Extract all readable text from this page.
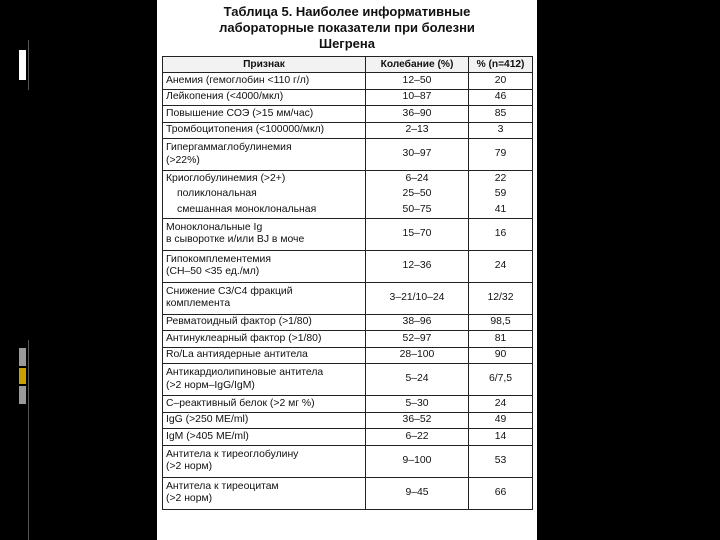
Таблица 5. Наиболее информативные
лабораторные показатели при болезни
Шегрена
Признак	Колебание (%)	% (n=412)

Анемия (гемоглобин <110 г/л)	12–50	20

Лейкопения (<4000/мкл)	10–87	46

Повышение СОЭ (>15 мм/час)	36–90	85

Тромбоцитопения (<100000/мкл)	2–13	3

Гипергаммаглобулинемия
(>22%)	30–97	79

Криоглобулинемия (>2+)	6–24	22

поликлональная	25–50	59

смешанная моноклональная	50–75	41

Моноклональные Ig
в сыворотке и/или BJ в моче	15–70	16

Гипокомплементемия
(CH–50 <35 ед./мл)	12–36	24

Снижение С3/С4 фракций
комплемента	3–21/10–24	12/32

Ревматоидный фактор (>1/80)	38–96	98,5

Антинуклеарный фактор (>1/80)	52–97	81

Ro/La антиядерные антитела	28–100	90

Антикардиолипиновые антитела
(>2 норм–IgG/IgM)	5–24	6/7,5

С–реактивный белок (>2 мг %)	5–30	24

IgG (>250 МЕ/ml)	36–52	49

IgM (>405 МЕ/ml)	6–22	14

Антитела к тиреоглобулину
(>2 норм)	9–100	53

Антитела к тиреоцитам
(>2 норм)	9–45	66
